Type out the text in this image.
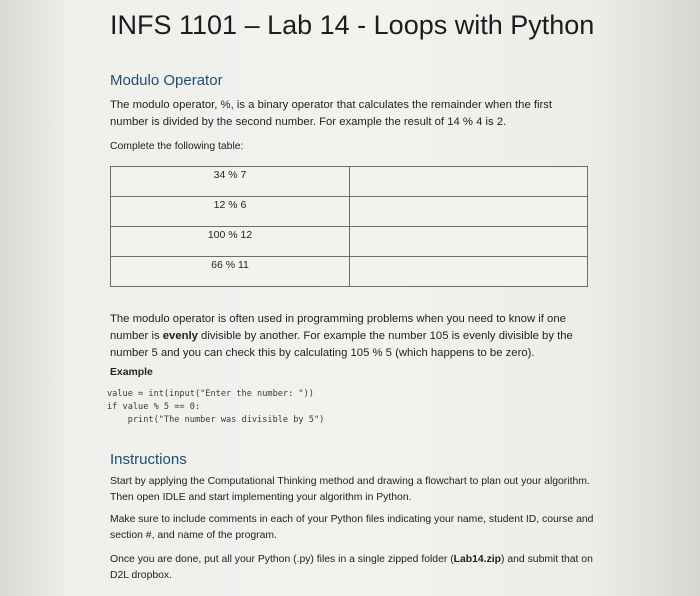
INFS 1101 – Lab 14 - Loops with Python
Modulo Operator
The modulo operator, %, is a binary operator that calculates the remainder when the first
number is divided by the second number. For example the result of 14 % 4 is 2.
Complete the following table:
34 % 7	
12 % 6	
100 % 12	
66 % 11	
The modulo operator is often used in programming problems when you need to know if one
number is evenly divisible by another. For example the number 105 is evenly divisible by the
number 5 and you can check this by calculating 105 % 5 (which happens to be zero).
Example
value = int(input("Enter the number: "))
if value % 5 == 0:
print("The number was divisible by 5")
Instructions
Start by applying the Computational Thinking method and drawing a flowchart to plan out your algorithm.
Then open IDLE and start implementing your algorithm in Python.
Make sure to include comments in each of your Python files indicating your name, student ID, course and
section #, and name of the program.
Once you are done, put all your Python (.py) files in a single zipped folder (Lab14.zip) and submit that on
D2L dropbox.
